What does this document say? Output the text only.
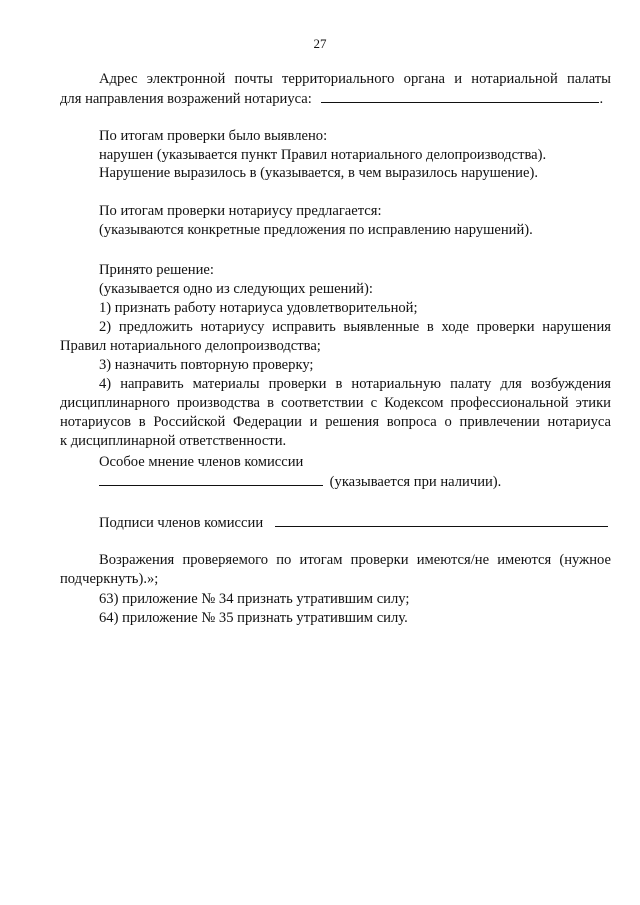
27
Адрес электронной почты территориального органа и нотариальной палаты
для направления возражений нотариуса:	.
По итогам проверки было выявлено:
нарушен (указывается пункт Правил нотариального делопроизводства).
Нарушение выразилось в (указывается, в чем выразилось нарушение).
По итогам проверки нотариусу предлагается:
(указываются конкретные предложения по исправлению нарушений).
Принято решение:
(указывается одно из следующих решений):
1) признать работу нотариуса удовлетворительной;
2) предложить нотариусу исправить выявленные в ходе проверки нарушения
Правил нотариального делопроизводства;
3) назначить повторную проверку;
4) направить материалы проверки в нотариальную палату для возбуждения
дисциплинарного производства в соответствии с Кодексом профессиональной этики
нотариусов в Российской Федерации и решения вопроса о привлечении нотариуса
к дисциплинарной ответственности.
Особое мнение членов комиссии
(указывается при наличии).
Подписи членов комиссии
Возражения проверяемого по итогам проверки имеются/не имеются (нужное
подчеркнуть).»;
63) приложение № 34 признать утратившим силу;
64) приложение № 35 признать утратившим силу.
